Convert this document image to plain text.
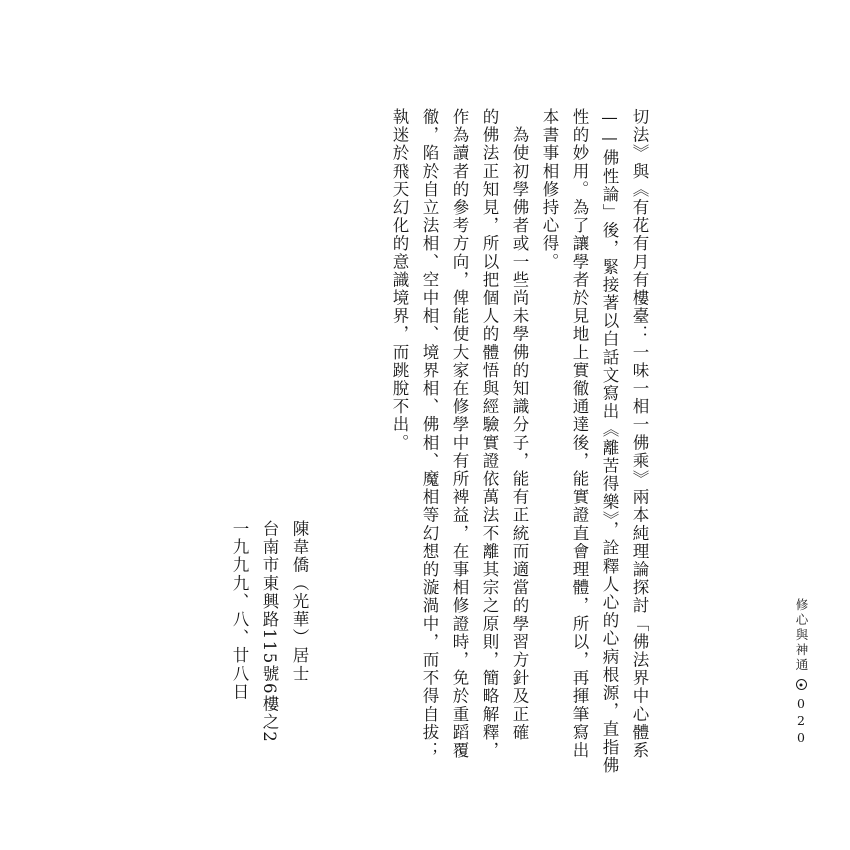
切法》與《有花有月有樓臺：一味一相一佛乘》兩本純理論探討「佛法界中心體系
——佛性論」後，緊接著以白話文寫出《離苦得樂》，詮釋人心的心病根源，直指佛
性的妙用。為了讓學者於見地上實徹通達後，能實證直會理體，所以，再揮筆寫出
本書事相修持心得。
　為使初學佛者或一些尚未學佛的知識分子，能有正統而適當的學習方針及正確
的佛法正知見，所以把個人的體悟與經驗實證依萬法不離其宗之原則，簡略解釋，
作為讀者的參考方向，俾能使大家在修學中有所裨益，在事相修證時，免於重蹈覆
徹，陷於自立法相、空中相、境界相、佛相、魔相等幻想的漩渦中，而不得自拔；
執迷於飛天幻化的意識境界，而跳脫不出。
陳韋僑（光華）居士
台南市東興路115號6樓之2
一九九九、八、廿八日	修心與神通
020
